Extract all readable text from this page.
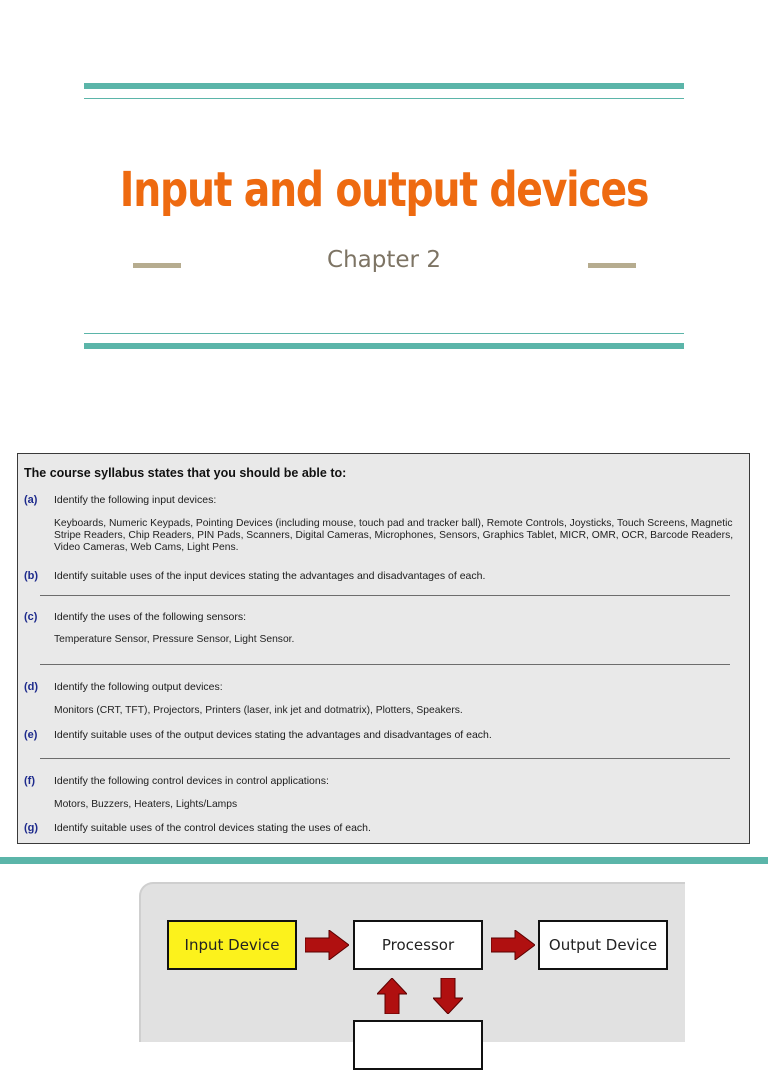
Input and output devices
Chapter 2
The course syllabus states that you should be able to:
(a) Identify the following input devices:
Keyboards, Numeric Keypads, Pointing Devices (including mouse, touch pad and tracker ball), Remote Controls, Joysticks, Touch Screens, Magnetic Stripe Readers, Chip Readers, PIN Pads, Scanners, Digital Cameras, Microphones, Sensors, Graphics Tablet, MICR, OMR, OCR, Barcode Readers, Video Cameras, Web Cams, Light Pens.
(b) Identify suitable uses of the input devices stating the advantages and disadvantages of each.
(c) Identify the uses of the following sensors:
Temperature Sensor, Pressure Sensor, Light Sensor.
(d) Identify the following output devices:
Monitors (CRT, TFT), Projectors, Printers (laser, ink jet and dotmatrix), Plotters, Speakers.
(e) Identify suitable uses of the output devices stating the advantages and disadvantages of each.
(f) Identify the following control devices in control applications:
Motors, Buzzers, Heaters, Lights/Lamps
(g) Identify suitable uses of the control devices stating the uses of each.
Input Device	Processor	Output Device
